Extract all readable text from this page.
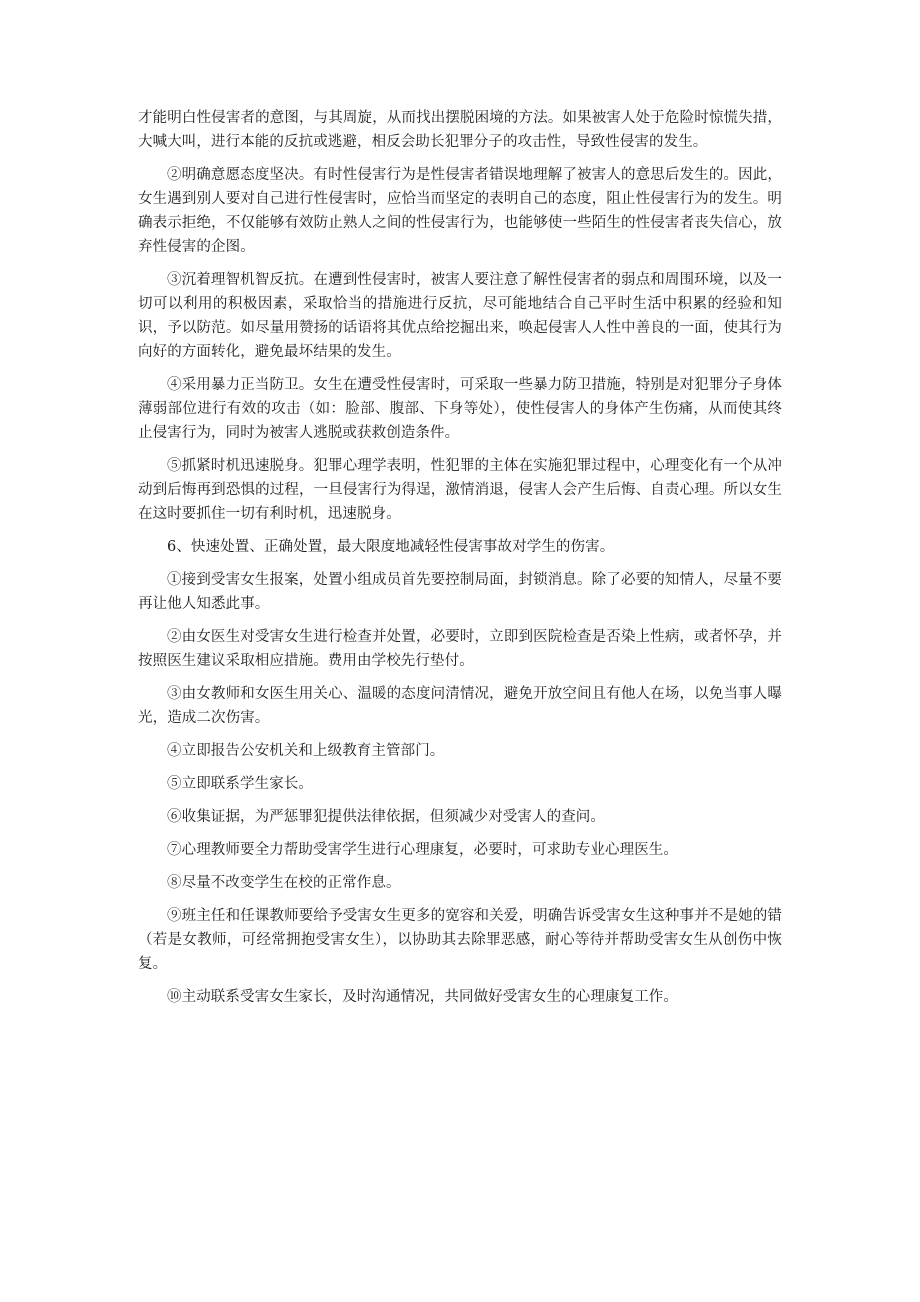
才能明白性侵害者的意图，与其周旋，从而找出摆脱困境的方法。如果被害人处于危险时惊慌失措，大喊大叫，进行本能的反抗或逃避，相反会助长犯罪分子的攻击性，导致性侵害的发生。

②明确意愿态度坚决。有时性侵害行为是性侵害者错误地理解了被害人的意思后发生的。因此，女生遇到别人要对自己进行性侵害时，应恰当而坚定的表明自己的态度，阻止性侵害行为的发生。明确表示拒绝，不仅能够有效防止熟人之间的性侵害行为，也能够使一些陌生的性侵害者丧失信心，放弃性侵害的企图。

③沉着理智机智反抗。在遭到性侵害时，被害人要注意了解性侵害者的弱点和周围环境，以及一切可以利用的积极因素，采取恰当的措施进行反抗，尽可能地结合自己平时生活中积累的经验和知识，予以防范。如尽量用赞扬的话语将其优点给挖掘出来，唤起侵害人人性中善良的一面，使其行为向好的方面转化，避免最坏结果的发生。

④采用暴力正当防卫。女生在遭受性侵害时，可采取一些暴力防卫措施，特别是对犯罪分子身体薄弱部位进行有效的攻击（如：脸部、腹部、下身等处），使性侵害人的身体产生伤痛，从而使其终止侵害行为，同时为被害人逃脱或获救创造条件。

⑤抓紧时机迅速脱身。犯罪心理学表明，性犯罪的主体在实施犯罪过程中，心理变化有一个从冲动到后悔再到恐惧的过程，一旦侵害行为得逞，激情消退，侵害人会产生后悔、自责心理。所以女生在这时要抓住一切有利时机，迅速脱身。

6、快速处置、正确处置，最大限度地减轻性侵害事故对学生的伤害。

①接到受害女生报案，处置小组成员首先要控制局面，封锁消息。除了必要的知情人，尽量不要再让他人知悉此事。

②由女医生对受害女生进行检查并处置，必要时，立即到医院检查是否染上性病，或者怀孕，并按照医生建议采取相应措施。费用由学校先行垫付。

③由女教师和女医生用关心、温暖的态度问清情况，避免开放空间且有他人在场，以免当事人曝光，造成二次伤害。

④立即报告公安机关和上级教育主管部门。

⑤立即联系学生家长。

⑥收集证据，为严惩罪犯提供法律依据，但须减少对受害人的查问。

⑦心理教师要全力帮助受害学生进行心理康复，必要时，可求助专业心理医生。

⑧尽量不改变学生在校的正常作息。

⑨班主任和任课教师要给予受害女生更多的宽容和关爱，明确告诉受害女生这种事并不是她的错（若是女教师，可经常拥抱受害女生），以协助其去除罪恶感，耐心等待并帮助受害女生从创伤中恢复。

⑩主动联系受害女生家长，及时沟通情况，共同做好受害女生的心理康复工作。
